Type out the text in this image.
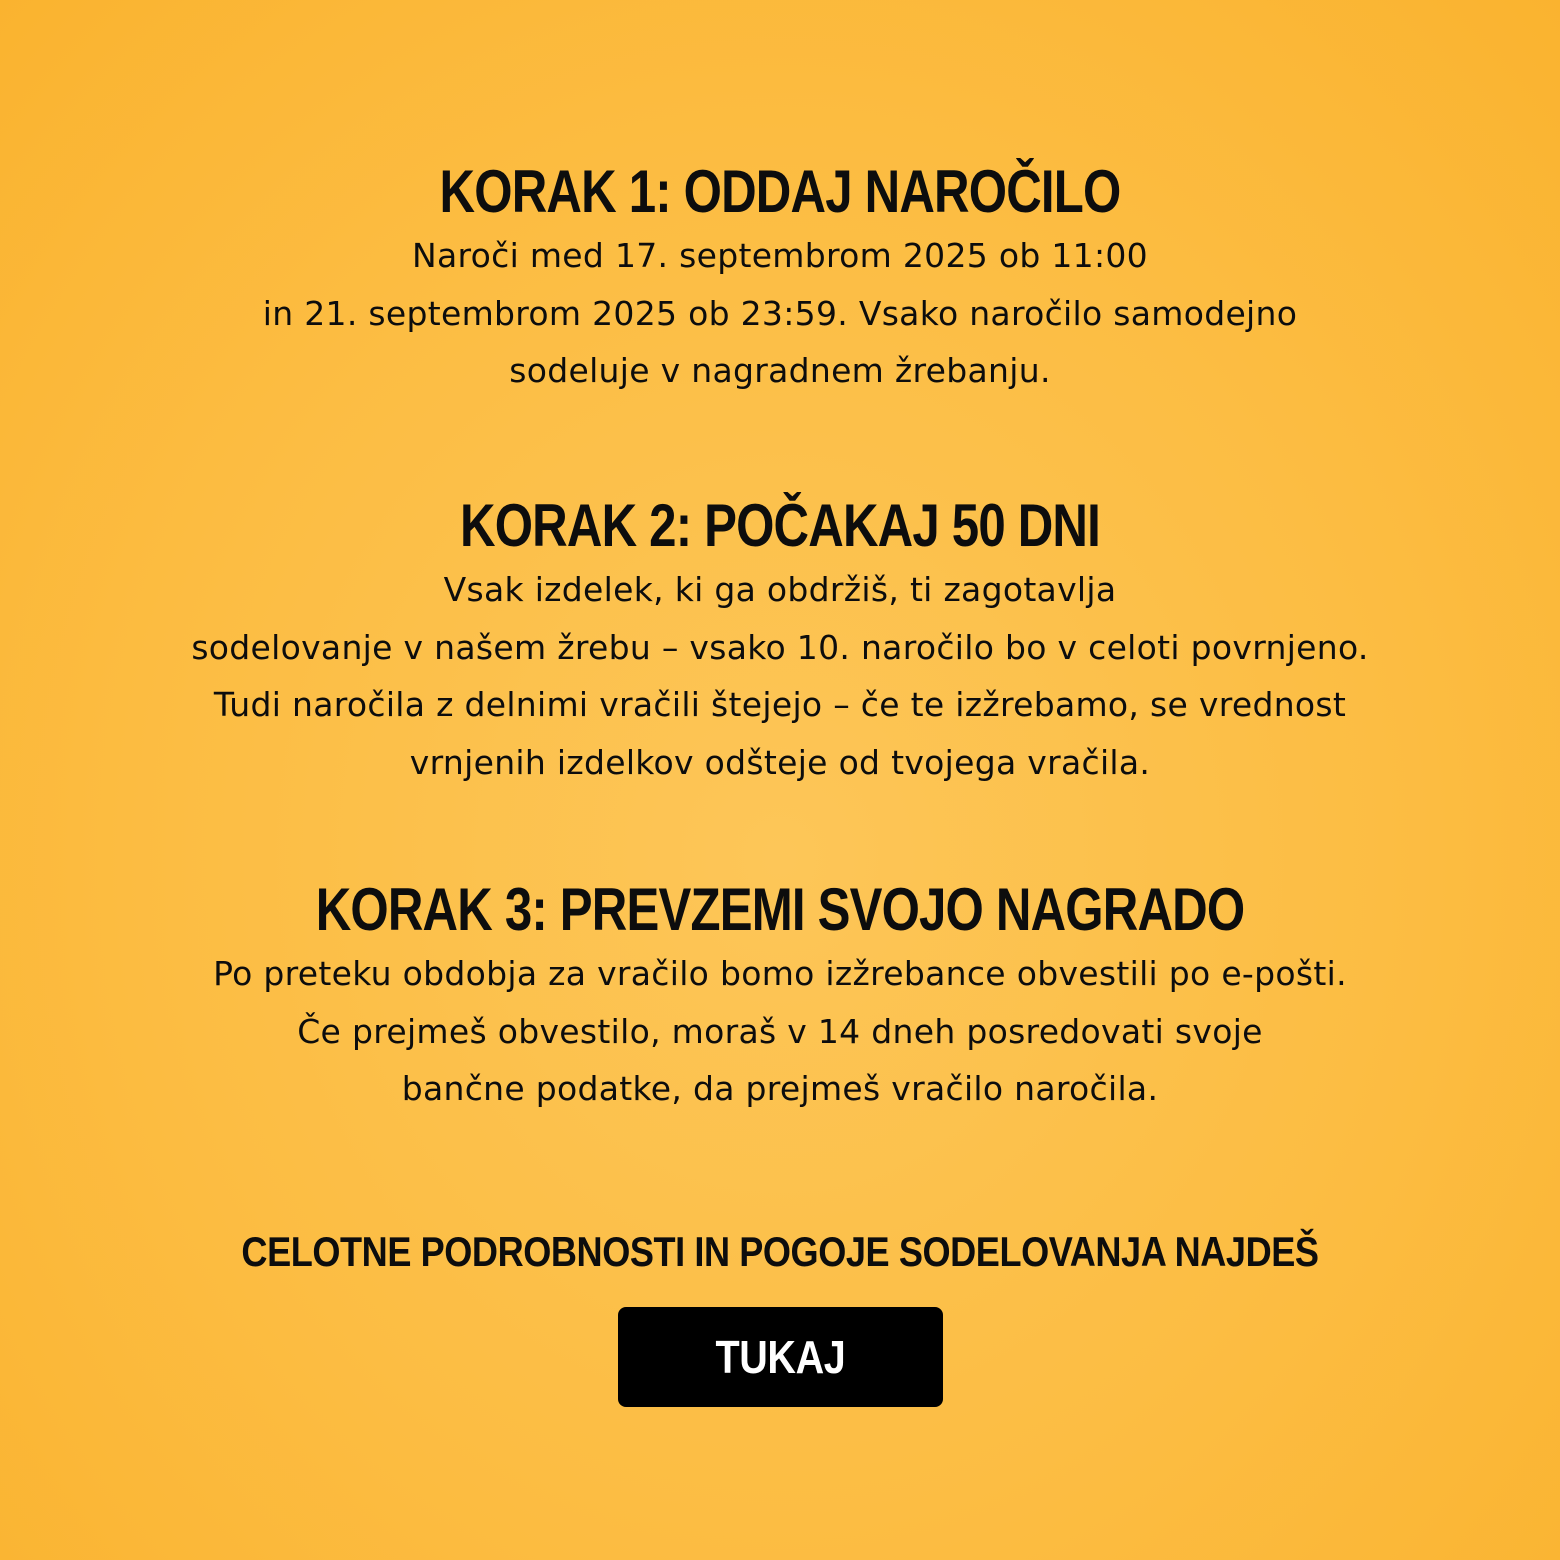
KORAK 1: ODDAJ NAROČILO

Naroči med 17. septembrom 2025 ob 11:00
in 21. septembrom 2025 ob 23:59. Vsako naročilo samodejno
sodeluje v nagradnem žrebanju.

KORAK 2: POČAKAJ 50 DNI

Vsak izdelek, ki ga obdržiš, ti zagotavlja
sodelovanje v našem žrebu – vsako 10. naročilo bo v celoti povrnjeno.
Tudi naročila z delnimi vračili štejejo – če te izžrebamo, se vrednost
vrnjenih izdelkov odšteje od tvojega vračila.

KORAK 3: PREVZEMI SVOJO NAGRADO

Po preteku obdobja za vračilo bomo izžrebance obvestili po e-pošti.
Če prejmeš obvestilo, moraš v 14 dneh posredovati svoje
bančne podatke, da prejmeš vračilo naročila.

CELOTNE PODROBNOSTI IN POGOJE SODELOVANJA NAJDEŠ
TUKAJ
